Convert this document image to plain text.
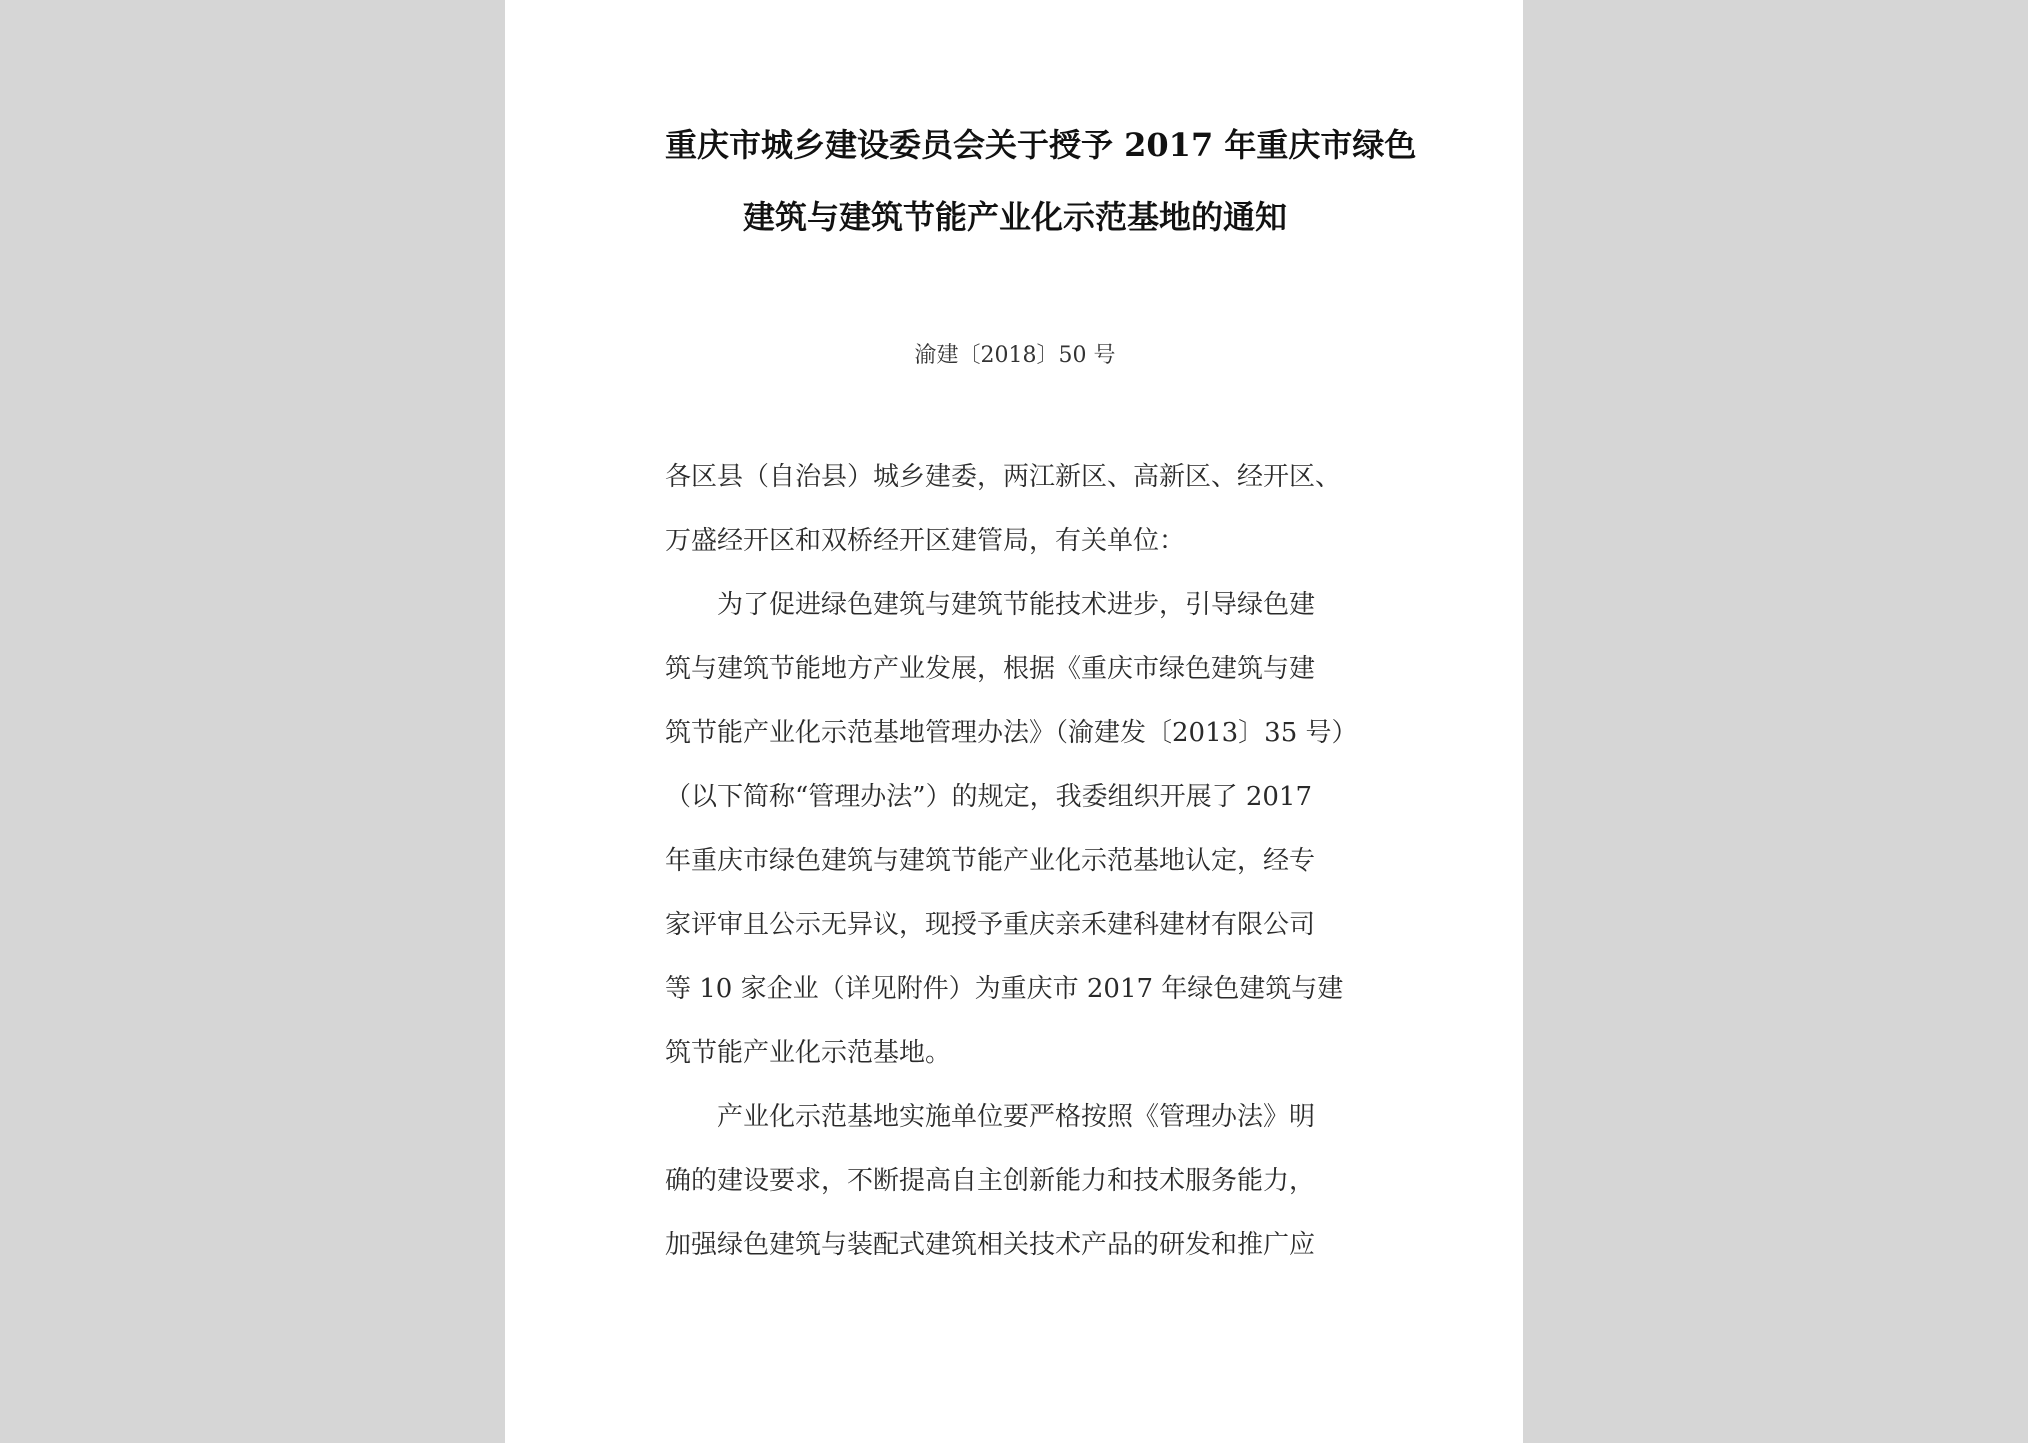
重庆市城乡建设委员会关于授予 2017 年重庆市绿色
建筑与建筑节能产业化示范基地的通知
渝建〔2018〕50 号
各区县（自治县）城乡建委，两江新区、高新区、经开区、
万盛经开区和双桥经开区建管局，有关单位：
为了促进绿色建筑与建筑节能技术进步，引导绿色建
筑与建筑节能地方产业发展，根据《重庆市绿色建筑与建
筑节能产业化示范基地管理办法》（渝建发〔2013〕35 号）
（以下简称“管理办法”）的规定，我委组织开展了 2017
年重庆市绿色建筑与建筑节能产业化示范基地认定，经专
家评审且公示无异议，现授予重庆亲禾建科建材有限公司
等 10 家企业（详见附件）为重庆市 2017 年绿色建筑与建
筑节能产业化示范基地。
产业化示范基地实施单位要严格按照《管理办法》明
确的建设要求，不断提高自主创新能力和技术服务能力，
加强绿色建筑与装配式建筑相关技术产品的研发和推广应
